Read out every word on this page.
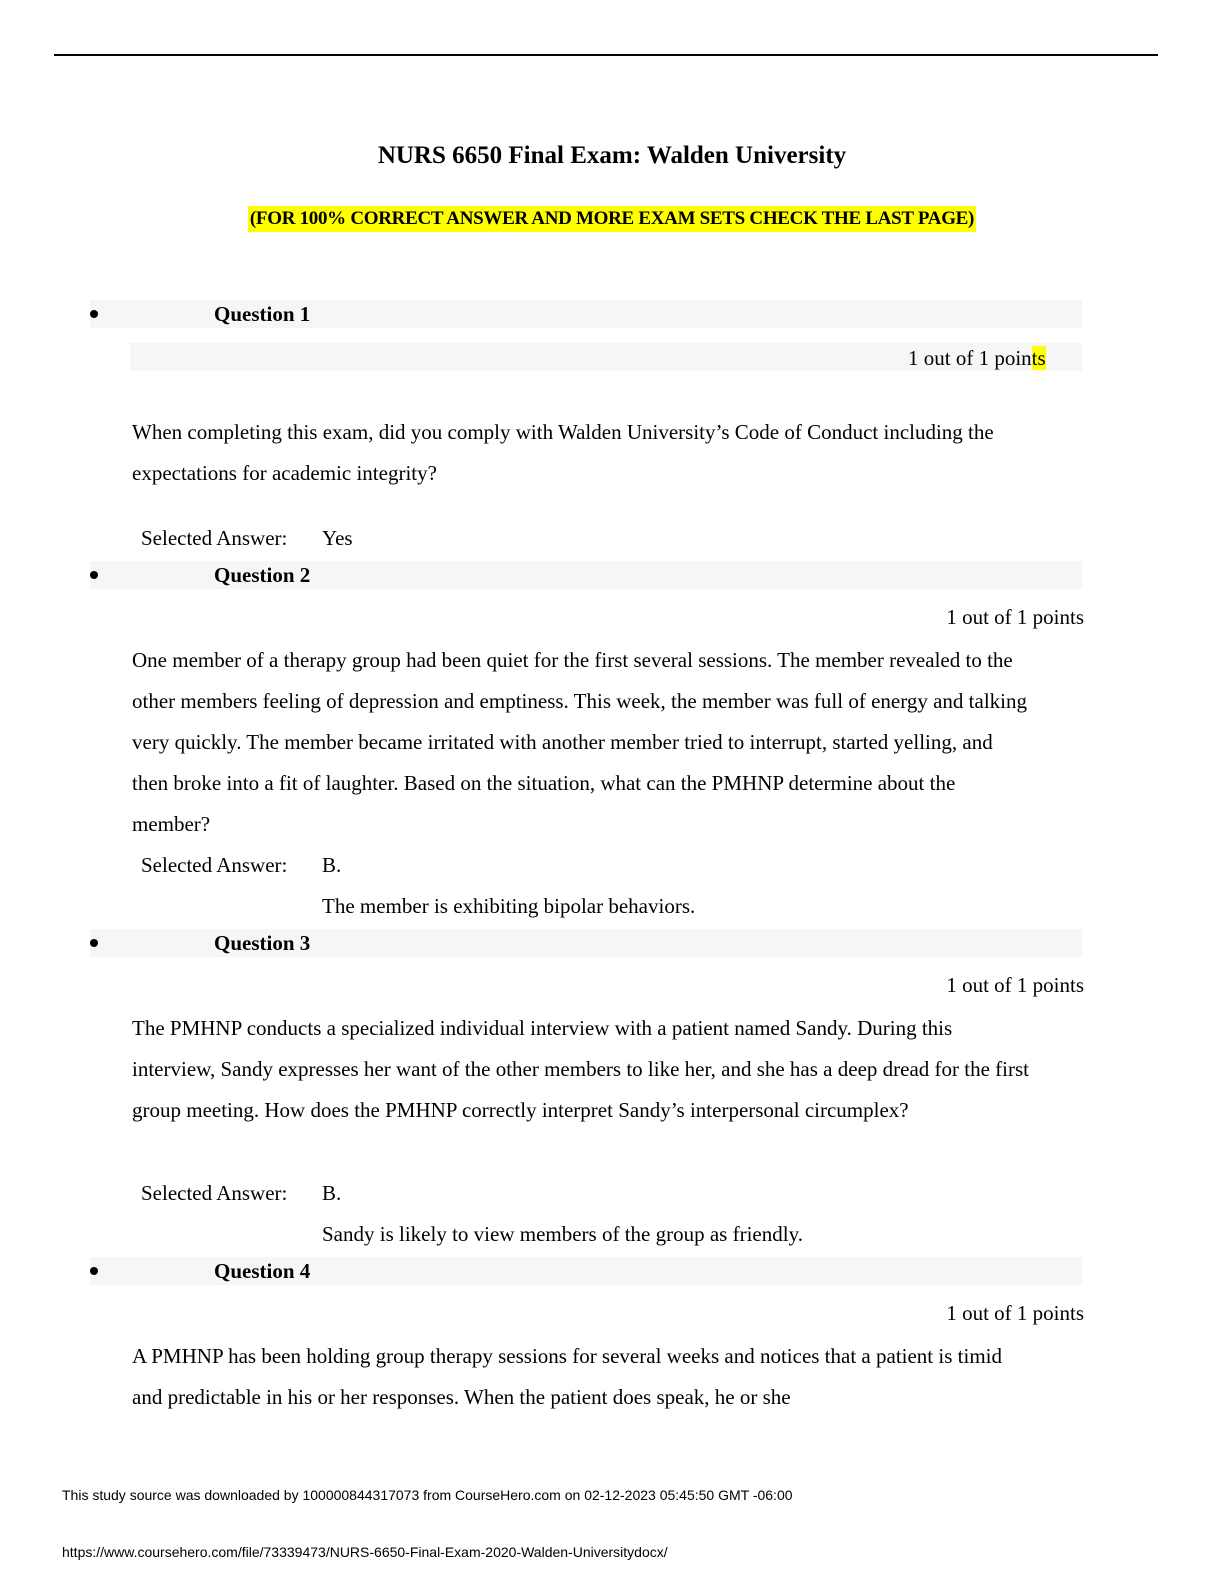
NURS 6650 Final Exam: Walden University
(FOR 100% CORRECT ANSWER AND MORE EXAM SETS CHECK THE LAST PAGE)
Question 1
1 out of 1 points

When completing this exam, did you comply with Walden University’s Code of Conduct including the expectations for academic integrity?

Selected Answer: Yes
Question 2
1 out of 1 points

One member of a therapy group had been quiet for the first several sessions. The member revealed to the other members feeling of depression and emptiness. This week, the member was full of energy and talking very quickly. The member became irritated with another member tried to interrupt, started yelling, and then broke into a fit of laughter. Based on the situation, what can the PMHNP determine about the member?

Selected Answer: B.
The member is exhibiting bipolar behaviors.
Question 3
1 out of 1 points

The PMHNP conducts a specialized individual interview with a patient named Sandy. During this interview, Sandy expresses her want of the other members to like her, and she has a deep dread for the first group meeting. How does the PMHNP correctly interpret Sandy’s interpersonal circumplex?

Selected Answer: B.
Sandy is likely to view members of the group as friendly.
Question 4
1 out of 1 points

A PMHNP has been holding group therapy sessions for several weeks and notices that a patient is timid and predictable in his or her responses. When the patient does speak, he or she

This study source was downloaded by 100000844317073 from CourseHero.com on 02-12-2023 05:45:50 GMT -06:00
https://www.coursehero.com/file/73339473/NURS-6650-Final-Exam-2020-Walden-Universitydocx/
